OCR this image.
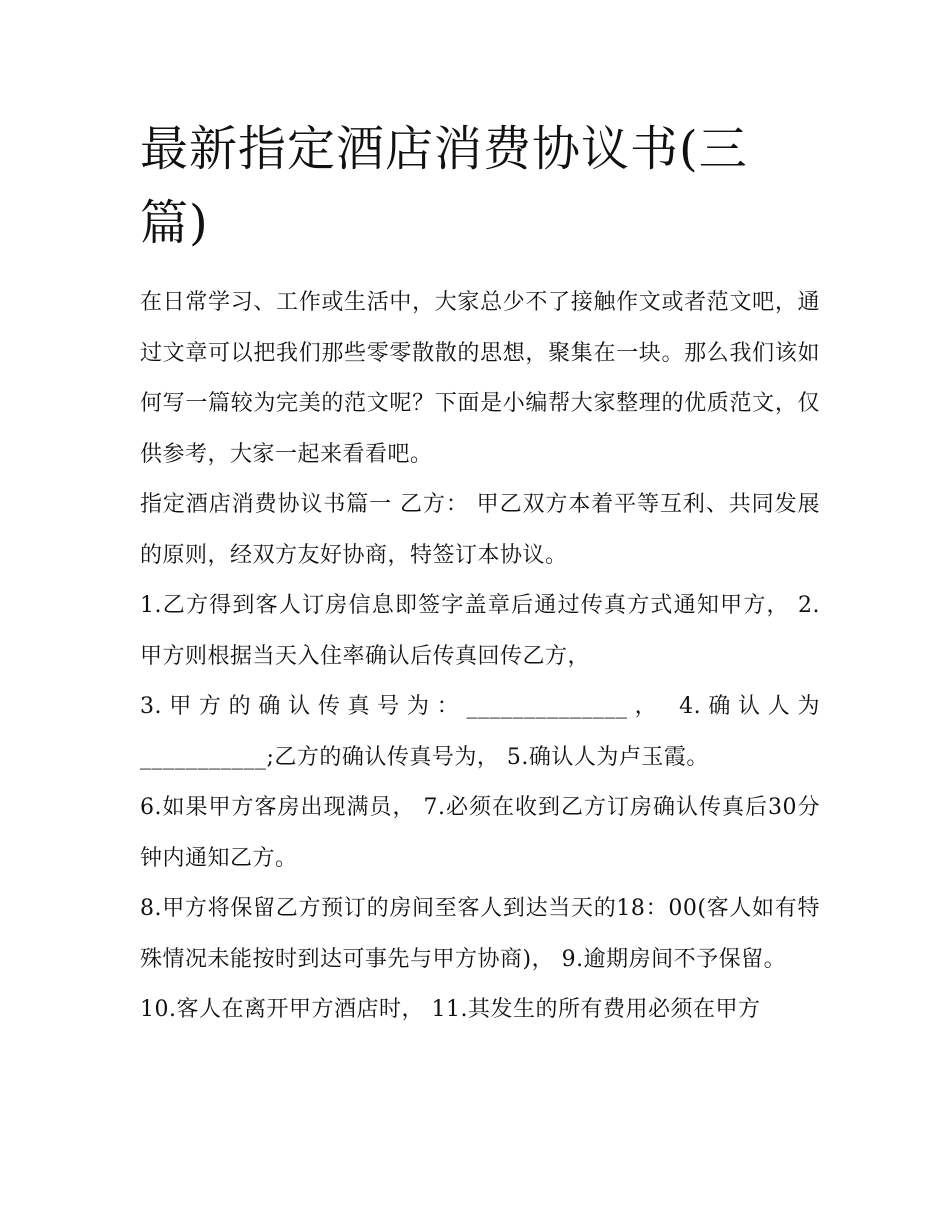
最新指定酒店消费协议书(三篇)

在日常学习、工作或生活中，大家总少不了接触作文或者范文吧，通过文章可以把我们那些零零散散的思想，聚集在一块。那么我们该如何写一篇较为完美的范文呢？下面是小编帮大家整理的优质范文，仅供参考，大家一起来看看吧。

指定酒店消费协议书篇一 乙方： 甲乙双方本着平等互利、共同发展的原则，经双方友好协商，特签订本协议。

1.乙方得到客人订房信息即签字盖章后通过传真方式通知甲方， 2.甲方则根据当天入住率确认后传真回传乙方，

3.甲方的确认传真号为：______________， 4.确认人为___________;乙方的确认传真号为， 5.确认人为卢玉霞。

6.如果甲方客房出现满员， 7.必须在收到乙方订房确认传真后30分钟内通知乙方。

8.甲方将保留乙方预订的房间至客人到达当天的18：00(客人如有特殊情况未能按时到达可事先与甲方协商)， 9.逾期房间不予保留。

10.客人在离开甲方酒店时， 11.其发生的所有费用必须在甲方
